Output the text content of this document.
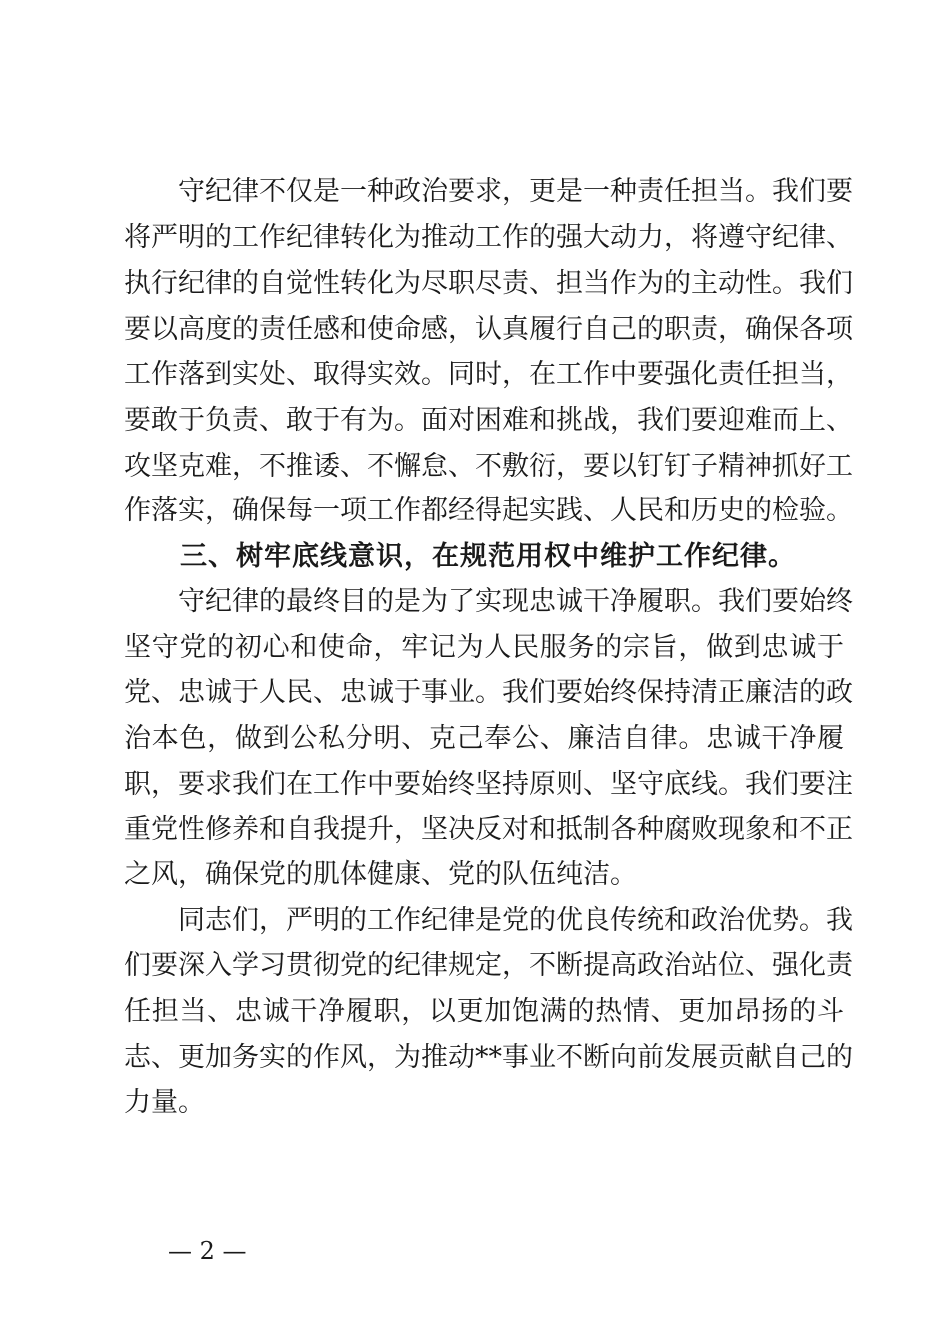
　　守纪律不仅是一种政治要求，更是一种责任担当。我们要
将严明的工作纪律转化为推动工作的强大动力，将遵守纪律、
执行纪律的自觉性转化为尽职尽责、担当作为的主动性。我们
要以高度的责任感和使命感，认真履行自己的职责，确保各项
工作落到实处、取得实效。同时，在工作中要强化责任担当，
要敢于负责、敢于有为。面对困难和挑战，我们要迎难而上、
攻坚克难，不推诿、不懈怠、不敷衍，要以钉钉子精神抓好工
作落实，确保每一项工作都经得起实践、人民和历史的检验。
　　三、树牢底线意识，在规范用权中维护工作纪律。
　　守纪律的最终目的是为了实现忠诚干净履职。我们要始终
坚守党的初心和使命，牢记为人民服务的宗旨，做到忠诚于
党、忠诚于人民、忠诚于事业。我们要始终保持清正廉洁的政
治本色，做到公私分明、克己奉公、廉洁自律。忠诚干净履
职，要求我们在工作中要始终坚持原则、坚守底线。我们要注
重党性修养和自我提升，坚决反对和抵制各种腐败现象和不正
之风，确保党的肌体健康、党的队伍纯洁。
　　同志们，严明的工作纪律是党的优良传统和政治优势。我
们要深入学习贯彻党的纪律规定，不断提高政治站位、强化责
任担当、忠诚干净履职，以更加饱满的热情、更加昂扬的斗
志、更加务实的作风，为推动**事业不断向前发展贡献自己的
力量。
— 2 —
